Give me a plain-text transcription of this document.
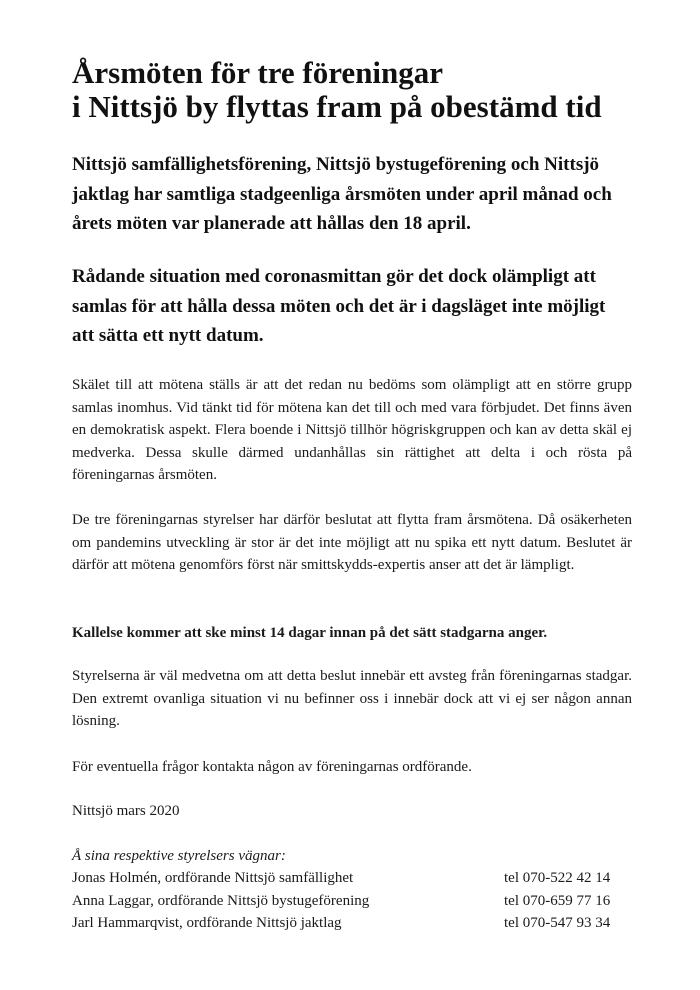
Årsmöten för tre föreningar
i Nittsjö by flyttas fram på obestämd tid

Nittsjö samfällighetsförening, Nittsjö bystugeförening och Nittsjö jaktlag har samtliga stadgeenliga årsmöten under april månad och årets möten var planerade att hållas den 18 april.

Rådande situation med coronasmittan gör det dock olämpligt att samlas för att hålla dessa möten och det är i dagsläget inte möjligt att sätta ett nytt datum.

Skälet till att mötena ställs är att det redan nu bedöms som olämpligt att en större grupp samlas inomhus. Vid tänkt tid för mötena kan det till och med vara förbjudet. Det finns även en demokratisk aspekt. Flera boende i Nittsjö tillhör högriskgruppen och kan av detta skäl ej medverka. Dessa skulle därmed undanhållas sin rättighet att delta i och rösta på föreningarnas årsmöten.

De tre föreningarnas styrelser har därför beslutat att flytta fram årsmötena. Då osäkerheten om pandemins utveckling är stor är det inte möjligt att nu spika ett nytt datum. Beslutet är därför att mötena genomförs först när smittskydds-expertis anser att det är lämpligt.

Kallelse kommer att ske minst 14 dagar innan på det sätt stadgarna anger.

Styrelserna är väl medvetna om att detta beslut innebär ett avsteg från föreningarnas stadgar. Den extremt ovanliga situation vi nu befinner oss i innebär dock att vi ej ser någon annan lösning.

För eventuella frågor kontakta någon av föreningarnas ordförande.

Nittsjö mars 2020

Å sina respektive styrelsers vägnar:

Jonas Holmén, ordförande Nittsjö samfällighet	tel 070-522 42 14
Anna Laggar, ordförande Nittsjö bystugeförening	tel 070-659 77 16
Jarl Hammarqvist, ordförande Nittsjö jaktlag	tel 070-547 93 34
